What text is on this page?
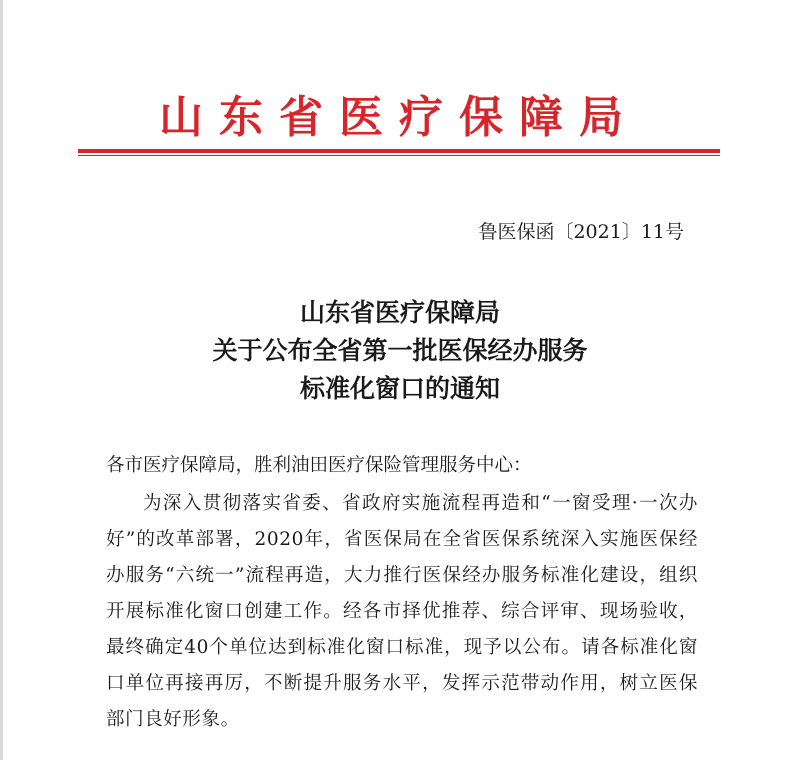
山东省医疗保障局
鲁医保函〔2021〕11号
山东省医疗保障局
关于公布全省第一批医保经办服务
标准化窗口的通知
各市医疗保障局，胜利油田医疗保险管理服务中心：
为深入贯彻落实省委、省政府实施流程再造和“一窗受理·一次办好”的改革部署，2020年，省医保局在全省医保系统深入实施医保经办服务“六统一”流程再造，大力推行医保经办服务标准化建设，组织开展标准化窗口创建工作。经各市择优推荐、综合评审、现场验收，最终确定40个单位达到标准化窗口标准，现予以公布。请各标准化窗口单位再接再厉，不断提升服务水平，发挥示范带动作用，树立医保部门良好形象。
